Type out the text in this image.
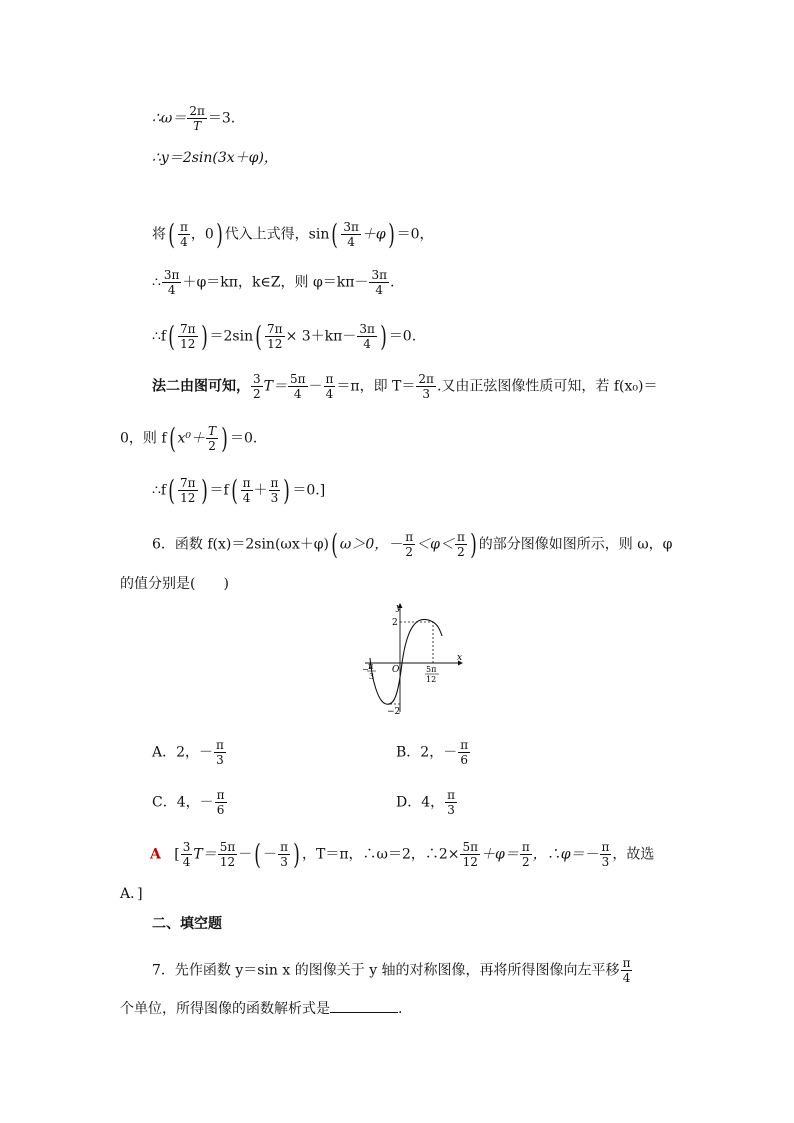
∴ω＝ $\frac{2\pi}{T} =3$.
∴y＝2sin(3x＋φ)，
将( $\frac{\pi}{4}$ ，0) 代入上式得，$\sin( \frac{3\pi}{4} +\varphi) =0$，
∴ $\frac{3\pi}{4} +\varphi=k\pi$，k∈Z，则 $\varphi=k\pi- \frac{3\pi}{4}$ .
∴f( $\frac{7\pi}{12}$ ) $=2\sin( \frac{7\pi}{12} \times 3+k\pi- \frac{3\pi}{4}$ ) ＝0.
法二由图可知， $\frac{3}{2} T= \frac{5\pi}{4} - \frac{\pi}{4} =\pi$，即 $T= \frac{2\pi}{3}$ .又由正弦图像性质可知，若 f(x₀)＝
0，则 f( $x^0+ \frac{T}{2}$ ) ＝0.
∴f( $\frac{7\pi}{12}$ ) $=f( \frac{\pi}{4} + \frac{\pi}{3}$ ) ＝0.]
6．函数 f(x)＝2sin(ωx＋φ)( ω＞0，－ $\frac{\pi}{2} <\varphi< \frac{\pi}{2}$ ) 的部分图像如图所示，则 ω，φ
的值分别是(　　)
y
x
O
2
−2
− π
3
5π
12
A．2，－ $\frac{\pi}{3}$	B．2，－ $\frac{\pi}{6}$
C．4，－ $\frac{\pi}{6}$	D．4， $\frac{\pi}{3}$
A [ $\frac{3}{4} T= \frac{5\pi}{12}$ －( － $\frac{\pi}{3}$ ) ，T＝π，∴ω＝2，∴2× $\frac{5\pi}{12} +\varphi= \frac{\pi}{2}$ ，∴φ＝－ $\frac{\pi}{3}$ ，故选
A．]
二、填空题
7．先作函数 y＝sin x 的图像关于 y 轴的对称图像，再将所得图像向左平移 $\frac{\pi}{4}$
个单位，所得图像的函数解析式是	.
